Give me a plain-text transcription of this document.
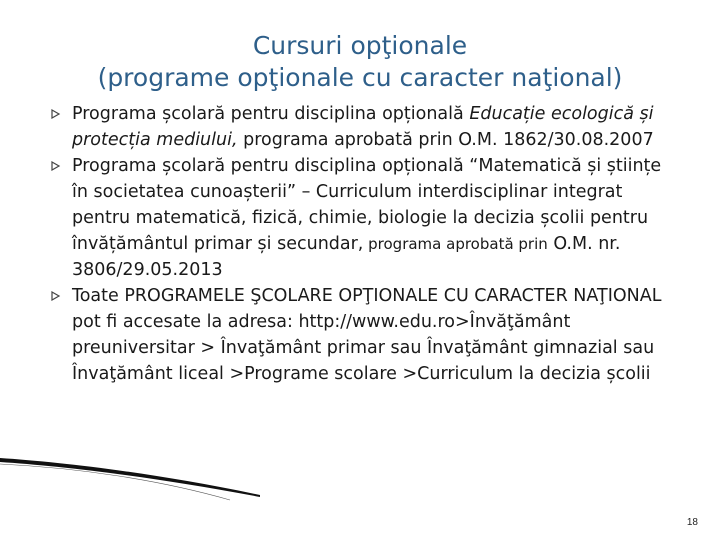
Cursuri opţionale
(programe opţionale cu caracter naţional)
Programa școlară pentru disciplina opțională Educație ecologică și protecția mediului, programa aprobată prin O.M. 1862/30.08.2007
Programa școlară pentru disciplina opțională “Matematică și științe în societatea cunoașterii” – Curriculum interdisciplinar integrat pentru matematică, fizică, chimie, biologie la decizia școlii pentru învățământul primar și secundar, programa aprobată prin O.M. nr. 3806/29.05.2013
Toate PROGRAMELE ŞCOLARE OPŢIONALE CU CARACTER NAŢIONAL pot fi accesate la adresa: http://www.edu.ro>Învăţământ preuniversitar > Învaţământ primar sau Învaţământ gimnazial sau Învaţământ liceal >Programe scolare >Curriculum la decizia școlii
18
